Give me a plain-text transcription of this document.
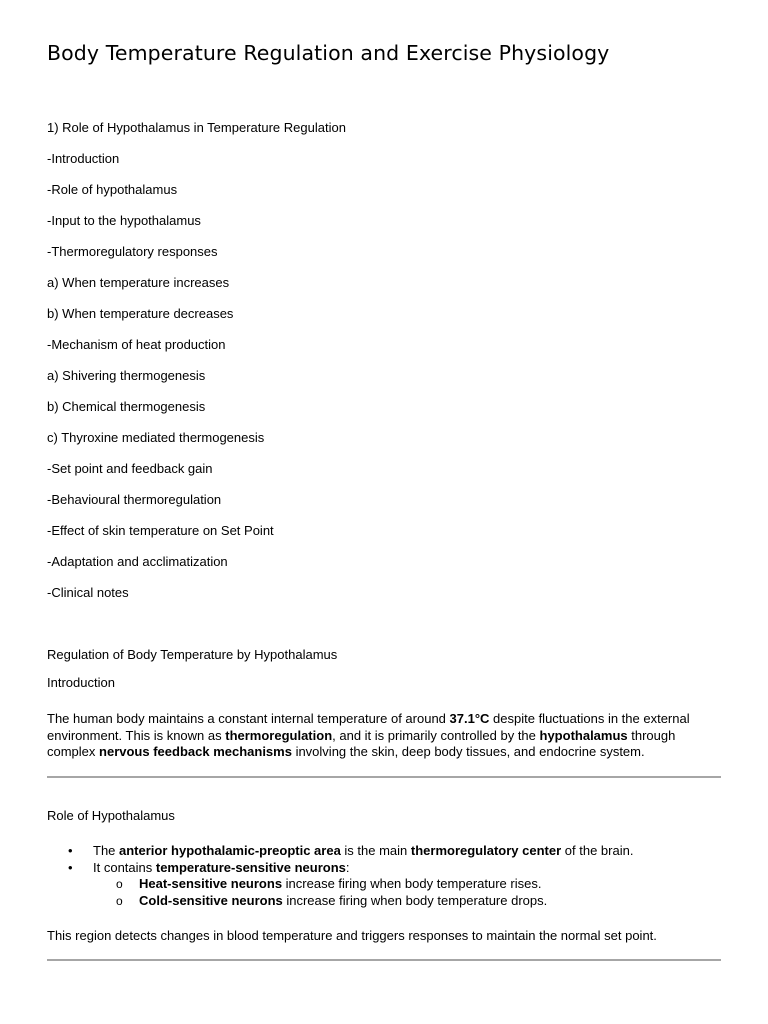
Body Temperature Regulation and Exercise Physiology
1) Role of Hypothalamus in Temperature Regulation
-Introduction
-Role of hypothalamus
-Input to the hypothalamus
-Thermoregulatory responses
a) When temperature increases
b) When temperature decreases
-Mechanism of heat production
a) Shivering thermogenesis
b) Chemical thermogenesis
c) Thyroxine mediated thermogenesis
-Set point and feedback gain
-Behavioural thermoregulation
-Effect of skin temperature on Set Point
-Adaptation and acclimatization
-Clinical notes

Regulation of Body Temperature by Hypothalamus

Introduction

The human body maintains a constant internal temperature of around 37.1°C despite fluctuations in the external environment. This is known as thermoregulation, and it is primarily controlled by the hypothalamus through complex nervous feedback mechanisms involving the skin, deep body tissues, and endocrine system.

Role of Hypothalamus

• The anterior hypothalamic-preoptic area is the main thermoregulatory center of the brain.
• It contains temperature-sensitive neurons:
o Heat-sensitive neurons increase firing when body temperature rises.
o Cold-sensitive neurons increase firing when body temperature drops.

This region detects changes in blood temperature and triggers responses to maintain the normal set point.
